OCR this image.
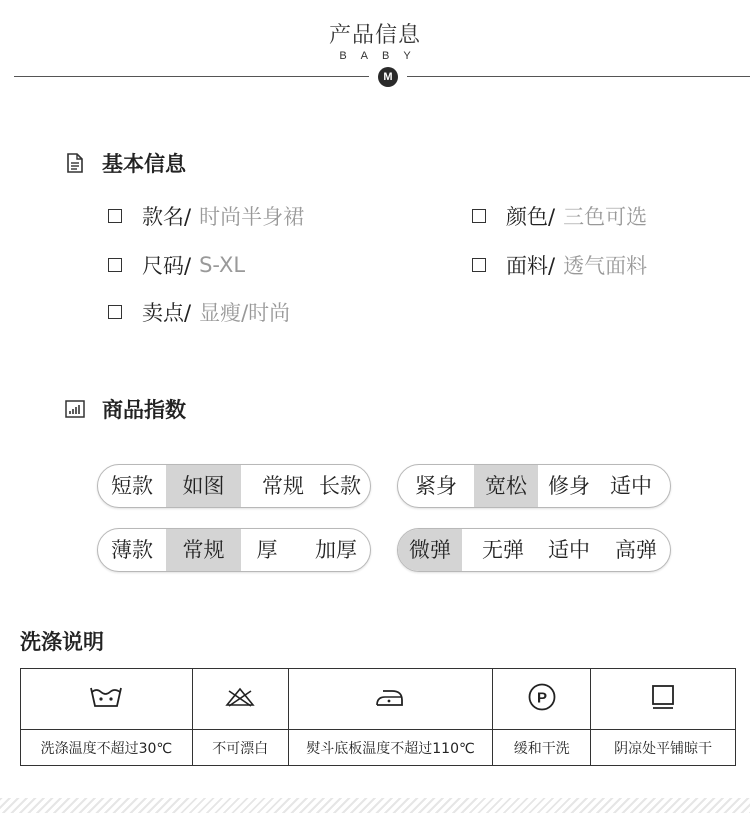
产品信息
BABY
M
基本信息
款名/ 时尚半身裙	颜色/ 三色可选
尺码/ S-XL	面料/ 透气面料
卖点/ 显瘦/时尚
商品指数
短款	如图	常规 长款	紧身	宽松	修身 适中
薄款	常规	厚	加厚	微弹	无弹	适中	高弹
洗涤说明

P

洗涤温度不超过30℃	不可漂白	熨斗底板温度不超过110℃	缓和干洗	阴凉处平铺晾干
